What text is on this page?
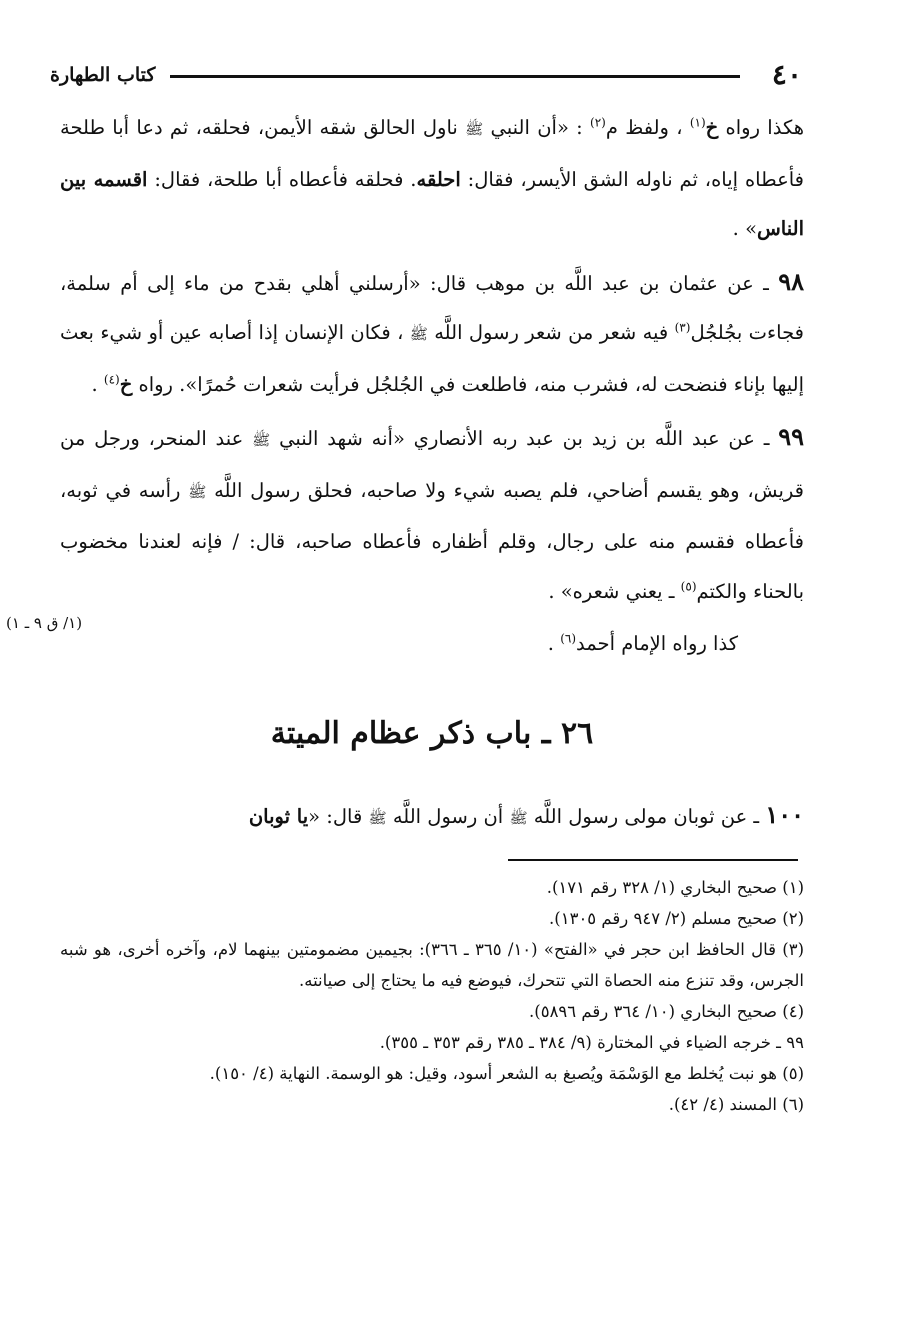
٤٠
كتاب الطهارة

هكذا رواه خ$^{(١)}$ ، ولفظ م$^{(٢)}$ : «أن النبي ﷺ ناول الحالق شقه الأيمن، فحلقه، ثم دعا أبا طلحة فأعطاه إياه، ثم ناوله الشق الأيسر، فقال: احلقه. فحلقه فأعطاه أبا طلحة، فقال: اقسمه بين الناس» .

٩٨ ـ عن عثمان بن عبد اللَّه بن موهب قال: «أرسلني أهلي بقدح من ماء إلى أم سلمة، فجاءت بجُلجُل$^{(٣)}$ فيه شعر من شعر رسول اللَّه ﷺ ، فكان الإنسان إذا أصابه عين أو شيء بعث إليها بإناء فنضحت له، فشرب منه، فاطلعت في الجُلجُل فرأيت شعرات حُمرًا». رواه خ$^{(٤)}$ .

٩٩ ـ عن عبد اللَّه بن زيد بن عبد ربه الأنصاري «أنه شهد النبي ﷺ عند المنحر، ورجل من قريش، وهو يقسم أضاحي، فلم يصبه شيء ولا صاحبه، فحلق رسول اللَّه ﷺ رأسه في ثوبه، فأعطاه فقسم منه على رجال، وقلم أظفاره فأعطاه صاحبه، قال: / فإنه لعندنا مخضوب بالحناء والكتم$^{(٥)}$ ـ يعني شعره» .

كذا رواه الإمام أحمد$^{(٦)}$ .

(١/ ق ٩ ـ ١)
٢٦ ـ باب ذكر عظام الميتة

١٠٠ ـ عن ثوبان مولى رسول اللَّه ﷺ أن رسول اللَّه ﷺ قال: «يا ثوبان

(١) صحيح البخاري (١/ ٣٢٨ رقم ١٧١).

(٢) صحيح مسلم (٢/ ٩٤٧ رقم ١٣٠٥).

(٣) قال الحافظ ابن حجر في «الفتح» (١٠/ ٣٦٥ ـ ٣٦٦): بجيمين مضمومتين بينهما لام، وآخره أخرى، هو شبه الجرس، وقد تنزع منه الحصاة التي تتحرك، فيوضع فيه ما يحتاج إلى صيانته.

(٤) صحيح البخاري (١٠/ ٣٦٤ رقم ٥٨٩٦).

٩٩ ـ خرجه الضياء في المختارة (٩/ ٣٨٤ ـ ٣٨٥ رقم ٣٥٣ ـ ٣٥٥).

(٥) هو نبت يُخلط مع الوَسْمَة ويُصبغ به الشعر أسود، وقيل: هو الوسمة. النهاية (٤/ ١٥٠).

(٦) المسند (٤/ ٤٢).
